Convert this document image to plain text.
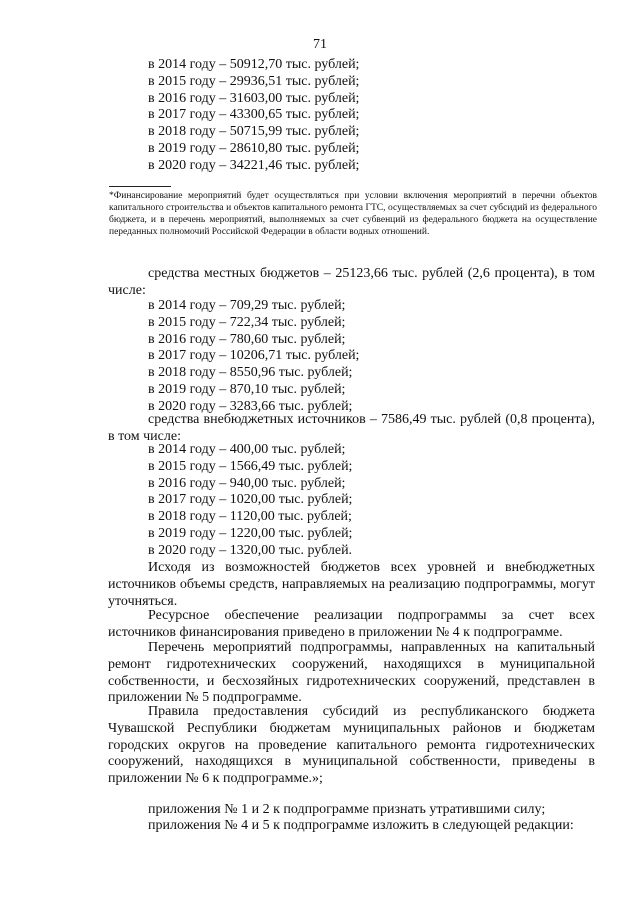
71
в 2014 году – 50912,70 тыс. рублей;
в 2015 году – 29936,51 тыс. рублей;
в 2016 году – 31603,00 тыс. рублей;
в 2017 году – 43300,65 тыс. рублей;
в 2018 году – 50715,99 тыс. рублей;
в 2019 году – 28610,80 тыс. рублей;
в 2020 году – 34221,46 тыс. рублей;

*Финансирование мероприятий будет осуществляться при условии включения мероприятий в перечни объектов капитального строительства и объектов капитального ремонта ГТС, осуществляемых за счет субсидий из федерального бюджета, и в перечень мероприятий, выполняемых за счет субвенций из федерального бюджета на осуществление переданных полномочий Российской Федерации в области водных отношений.

средства местных бюджетов – 25123,66 тыс. рублей (2,6 процента), в том числе:

в 2014 году – 709,29 тыс. рублей;
в 2015 году – 722,34 тыс. рублей;
в 2016 году – 780,60 тыс. рублей;
в 2017 году – 10206,71 тыс. рублей;
в 2018 году – 8550,96 тыс. рублей;
в 2019 году – 870,10 тыс. рублей;
в 2020 году – 3283,66 тыс. рублей;

средства внебюджетных источников – 7586,49 тыс. рублей (0,8 процента), в том числе:

в 2014 году – 400,00 тыс. рублей;
в 2015 году – 1566,49 тыс. рублей;
в 2016 году – 940,00 тыс. рублей;
в 2017 году – 1020,00 тыс. рублей;
в 2018 году – 1120,00 тыс. рублей;
в 2019 году – 1220,00 тыс. рублей;
в 2020 году – 1320,00 тыс. рублей.

Исходя из возможностей бюджетов всех уровней и внебюджетных источников объемы средств, направляемых на реализацию подпрограммы, могут уточняться.

Ресурсное обеспечение реализации подпрограммы за счет всех источников финансирования приведено в приложении № 4 к подпрограмме.

Перечень мероприятий подпрограммы, направленных на капитальный ремонт гидротехнических сооружений, находящихся в муниципальной собственности, и бесхозяйных гидротехнических сооружений, представлен в приложении № 5 подпрограмме.

Правила предоставления субсидий из республиканского бюджета Чувашской Республики бюджетам муниципальных районов и бюджетам городских округов на проведение капитального ремонта гидротехнических сооружений, находящихся в муниципальной собственности, приведены в приложении № 6 к подпрограмме.»;

приложения № 1 и 2 к подпрограмме признать утратившими силу;

приложения № 4 и 5 к подпрограмме изложить в следующей редакции:
